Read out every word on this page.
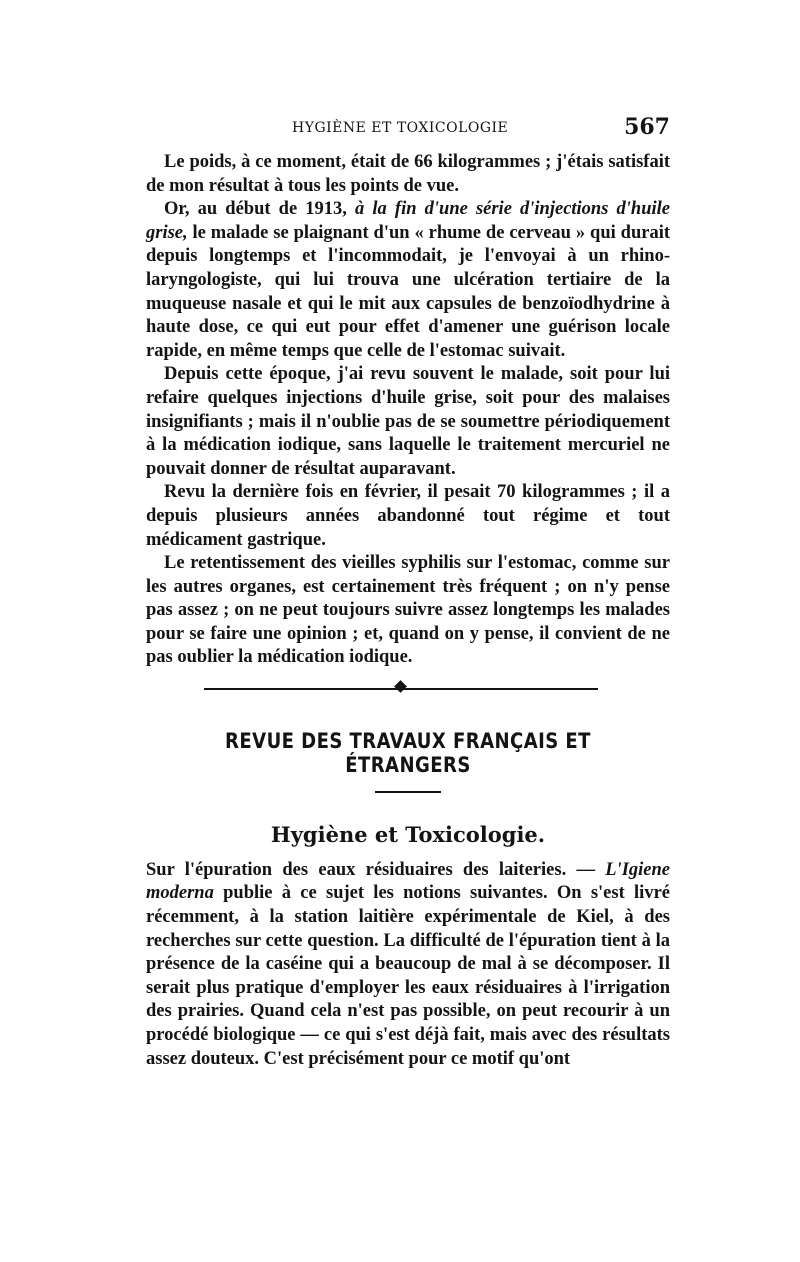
HYGIÈNE ET TOXICOLOGIE	567

Le poids, à ce moment, était de 66 kilogrammes ; j'étais satisfait de mon résultat à tous les points de vue.

Or, au début de 1913, à la fin d'une série d'injections d'huile grise, le malade se plaignant d'un « rhume de cerveau » qui durait depuis longtemps et l'incommodait, je l'envoyai à un rhino-laryngologiste, qui lui trouva une ulcération tertiaire de la muqueuse nasale et qui le mit aux capsules de benzoïodhydrine à haute dose, ce qui eut pour effet d'amener une guérison locale rapide, en même temps que celle de l'estomac suivait.

Depuis cette époque, j'ai revu souvent le malade, soit pour lui refaire quelques injections d'huile grise, soit pour des malaises insignifiants ; mais il n'oublie pas de se soumettre périodiquement à la médication iodique, sans laquelle le traitement mercuriel ne pouvait donner de résultat auparavant.

Revu la dernière fois en février, il pesait 70 kilogrammes ; il a depuis plusieurs années abandonné tout régime et tout médicament gastrique.

Le retentissement des vieilles syphilis sur l'estomac, comme sur les autres organes, est certainement très fréquent ; on n'y pense pas assez ; on ne peut toujours suivre assez longtemps les malades pour se faire une opinion ; et, quand on y pense, il convient de ne pas oublier la médication iodique.

REVUE DES TRAVAUX FRANÇAIS ET ÉTRANGERS
Hygiène et Toxicologie.

Sur l'épuration des eaux résiduaires des laiteries. — L'Igiene moderna publie à ce sujet les notions suivantes. On s'est livré récemment, à la station laitière expérimentale de Kiel, à des recherches sur cette question. La difficulté de l'épuration tient à la présence de la caséine qui a beaucoup de mal à se décomposer. Il serait plus pratique d'employer les eaux résiduaires à l'irrigation des prairies. Quand cela n'est pas possible, on peut recourir à un procédé biologique — ce qui s'est déjà fait, mais avec des résultats assez douteux. C'est précisément pour ce motif qu'ont
